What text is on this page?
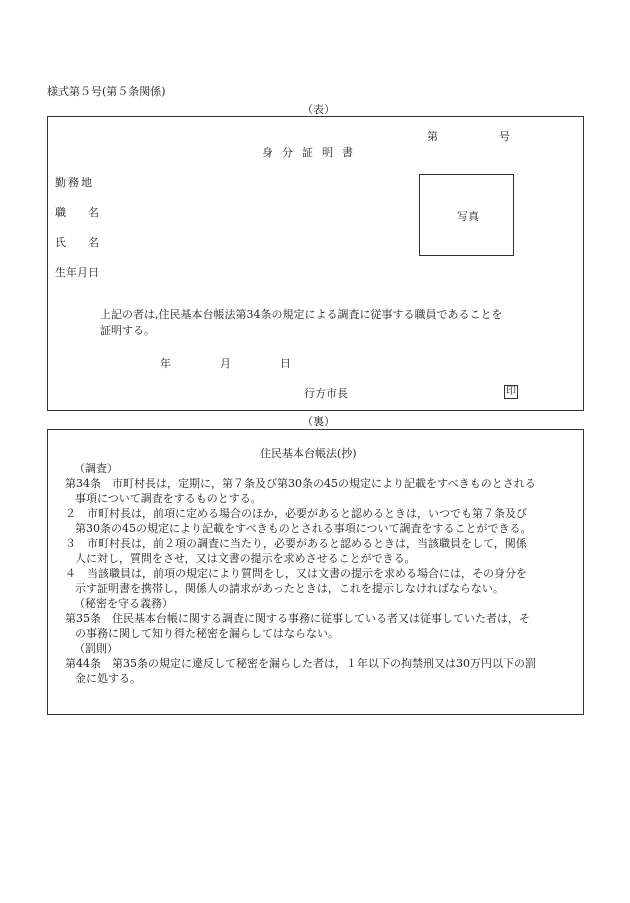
様式第５号(第５条関係)
（表）
第	号
身分証明書
勤務地
職 名
氏 名
生年月日
写真
上記の者は,住民基本台帳法第34条の規定による調査に従事する職員であることを
証明する。
年	月	日
行方市長	印
（裏）
住民基本台帳法(抄)
（調査）
第34条　市町村長は，定期に，第７条及び第30条の45の規定により記載をすべきものとされる
事項について調査をするものとする。
２　市町村長は，前項に定める場合のほか，必要があると認めるときは，いつでも第７条及び
第30条の45の規定により記載をすべきものとされる事項について調査をすることができる。
３　市町村長は，前２項の調査に当たり，必要があると認めるときは，当該職員をして，関係
人に対し，質問をさせ，又は文書の提示を求めさせることができる。
４　当該職員は，前項の規定により質問をし，又は文書の提示を求める場合には，その身分を
示す証明書を携帯し，関係人の請求があったときは，これを提示しなければならない。
（秘密を守る義務）
第35条　住民基本台帳に関する調査に関する事務に従事している者又は従事していた者は，そ
の事務に関して知り得た秘密を漏らしてはならない。
（罰則）
第44条　第35条の規定に違反して秘密を漏らした者は，１年以下の拘禁刑又は30万円以下の罰
金に処する。
